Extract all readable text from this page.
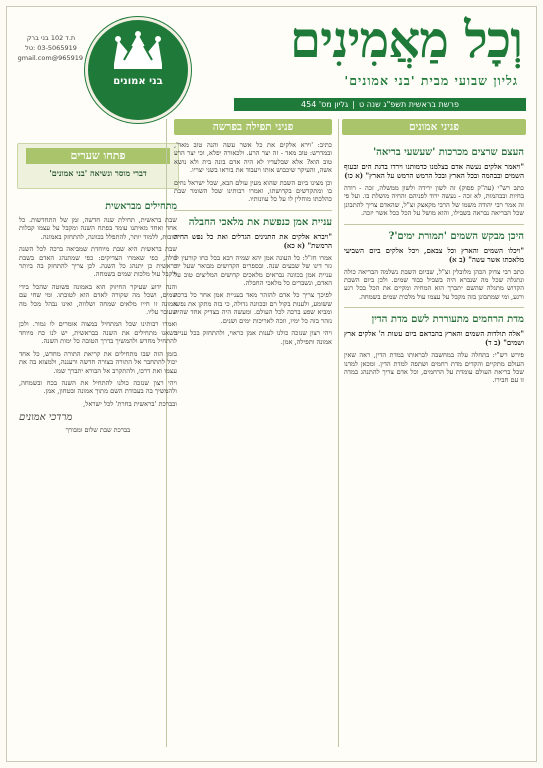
וְכָל מַאֲמִינִים
גליון שבועי מבית 'בני אמונים'
פרשת בראשית תשפ"ג שנה ט|גליון מס' 454
בני אמונים
ת.ד 102 בני ברק
03-5065919 :טל
965919@gmail.com
פניני אמונים
פניני תפילה בפרשה
פתחו שערים
דברי מוסר ונשיאה 'בני אמונים'
העצם שרצים מכרכות 'שעשעי בריאה'
"ויאמר אלקים נעשה אדם בצלמנו כדמותנו וירדו בדגת הים ובעוף השמים ובבהמה ובכל הארץ ובכל הרמש הרמש על הארץ" (א כו)

כתב רש"י (עה"ק פסוק) זה לשון ירידה ולשון ממשלה, זכה - רודה בחיות ובבהמות, לא זכה - נעשה ירוד לפניהם והחיה מושלת בו. ועל פי זה אמר רבי יהודה משמו של הרבי מקאצק זצ"ל, שהאדם צריך להתבונן שכל הבריאה נבראה בשבילו, והוא מושל על הכל ככל אשר יזכה.

היכן מבקש השמים 'תמורת ימים'?
"ויכלו השמים והארץ וכל צבאם, ויכל אלקים ביום השביעי מלאכתו אשר עשה" (ב א)

כתב רבי צדוק הכהן מלובלין זצ"ל, שביום השבת נשלמה הבריאה כולה ונתגלה שכל מה שנברא היה בשביל כבוד שמים. ולכן ביום השבת הקדוש מתגלה שהשם יתברך הוא המחיה ומקיים את הכל בכל רגע ורגע, ומי שמתבונן בזה מקבל על עצמו עול מלכות שמים בשמחה.

מדת הרחמים מתעוררת לשם מדת הדין
"אלה תולדות השמים והארץ בהבראם ביום עשות ה' אלקים ארץ ושמים" (ב ד)

פירש רש"י: בתחלה עלה במחשבה לבראותו במדת הדין, ראה שאין העולם מתקיים והקדים מדת רחמים ושתפה למדת הדין. ומכאן למדנו שכל בריאת העולם עומדת על הרחמים, וכל אדם צריך להתנהג במדה זו עם חבירו.

כתיב: 'וירא אלקים את כל אשר עשה והנה טוב מאד', ובמדרש: טוב מאד - זה יצר הרע. ולכאורה יפלא, וכי יצר הרע טוב הוא? אלא שבלעדיו לא היה אדם בונה בית ולא נושא אשה, והעיקר שיכבוש אותו ויעבוד את בוראו בשני יצריו.

וכן מצינו ביום השבת שהוא מעין עולם הבא, שכל ישראל נחים בו ומתקדשים בקדושתו, ואמרו רבותינו שכל השומר שבת כהלכתו מוחלין לו על כל עוונותיו.

עניית אמן כנפשת את מלאכי החבלה
"ויברא אלקים את התנינים הגדלים ואת כל נפש החיה הרמשת" (א כא)

אמרו חז"ל: כל העונה אמן יהא שמיה רבא בכל כחו קורעין לו גזר דינו של שבעים שנה. ובספרים הקדושים מבואר שעל ידי עניית אמן בכוונה נבראים מלאכים קדושים המליצים טוב על האדם, ונשברים כל מלאכי החבלה.

לפיכך צריך כל אדם להזהר מאד בעניית אמן אחר כל ברכה ששומע, ולענות בקול רם ובכוונה גדולה, כי בזה מתקן את נפשו ומביא שפע ברכה לכל העולם. ומעשה היה בצדיק אחד שהיה נזהר בזה כל ימיו, וזכה לאריכות ימים ושנים.

ויהי רצון שנזכה כולנו לענות אמן כראוי, ולהתחזק בכל ענייני אמונה ותפילה, אמן.

מתחילים מבראשית

שבת בראשית, תחילת שנה חדשה, זמן של התחדשות. כל אחד ואחד מאיתנו עומד בפתח השנה ומקבל על עצמו קבלות טובות, ללמוד יותר, להתפלל בכוונה, להתחזק באמונה.

שבת בראשית היא שבת מיוחדת שמביאה ברכה לכל השנה כולה, כפי שאמרו הצדיקים: כפי שמתנהג האדם בשבת בראשית כן יתנהג כל השנה. לכן צריך להתחזק בה ביותר ולקבל עול מלכות שמים בשמחה.

והנה ידוע שעיקר החיזוק הוא באמונה פשוטה שהכל בידי שמים, ושכל מה שקורה לאדם הוא לטובתו. ומי שחי עם אמונה זו חייו מלאים שמחה ושלווה, ואינו נבהל מכל מה שעובר עליו.

ואמרו רבותינו שכל המתחיל במצוה אומרים לו גמור. ולכן כשאנו מתחילים את השנה בבראשית, יש לנו כח מיוחד להתחיל מחדש ולהמשיך בדרך הטובה כל ימות השנה.

בזמן הזה שבו מתחילים את קריאת התורה מחדש, כל אחד יכול להתחבר אל התורה בצורה חדשה ורעננה, ולמצוא בה את עצמו ואת דרכו, ולהתקרב אל הבורא יתברך שמו.

ויהי רצון שנזכה כולנו להתחיל את השנה בכח ובשמחה, ולהמשיך בה בעבודת השם מתוך אמונה ובטחון, אמן.

ובברכת 'בראשית בחרת' לכל ישראל,

מרדכי אמונים
בברכת שבת שלום ומבורך
